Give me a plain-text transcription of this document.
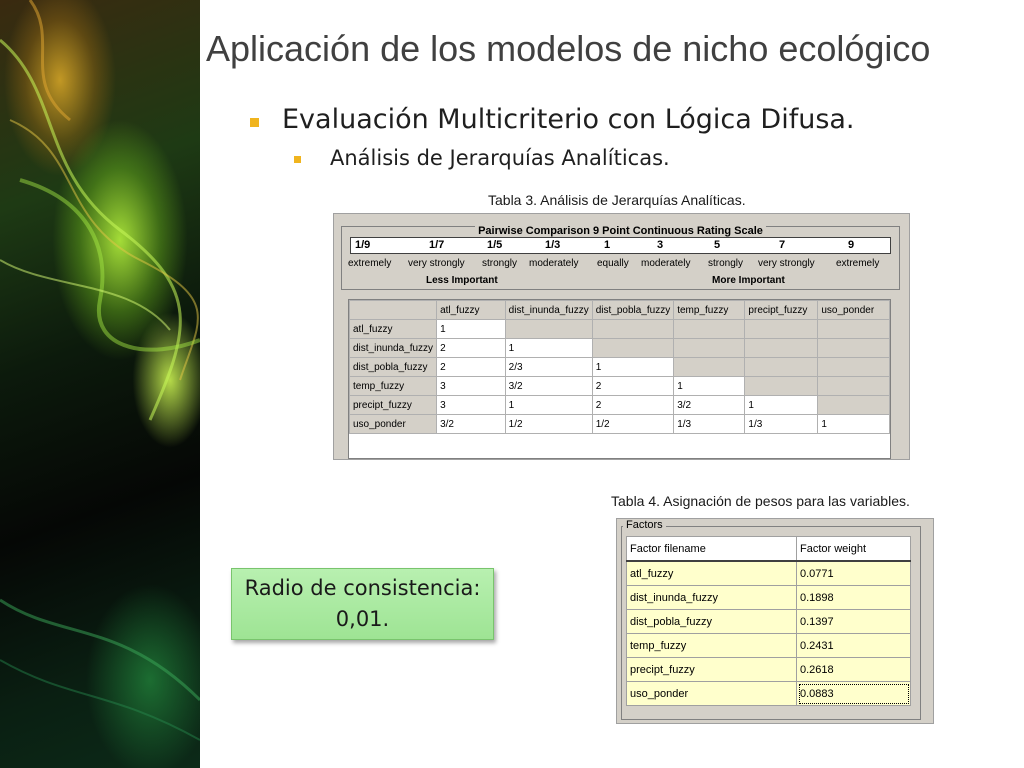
Aplicación de los modelos de nicho ecológico
Evaluación Multicriterio con Lógica Difusa.
Análisis de Jerarquías Analíticas.
Tabla 3. Análisis de Jerarquías Analíticas.
Pairwise Comparison 9 Point Continuous Rating Scale
1/9	1/7	1/5	1/3	1	3	5	7	9
extremely very strongly strongly moderately equally moderately strongly very strongly extremely
Less Important	More Important
	atl_fuzzy	dist_inunda_fuzzy	dist_pobla_fuzzy	temp_fuzzy	precipt_fuzzy	uso_ponder
atl_fuzzy	1					
dist_inunda_fuzzy	2	1				
dist_pobla_fuzzy	2	2/3	1			
temp_fuzzy	3	3/2	2	1		
precipt_fuzzy	3	1	2	3/2	1	
uso_ponder	3/2	1/2	1/2	1/3	1/3	1
Tabla 4. Asignación de pesos para las variables.
Factors
Factor filename	Factor weight
atl_fuzzy	0.0771
dist_inunda_fuzzy	0.1898
dist_pobla_fuzzy	0.1397
temp_fuzzy	0.2431
precipt_fuzzy	0.2618
uso_ponder	0.0883
Radio de consistencia:
0,01.
